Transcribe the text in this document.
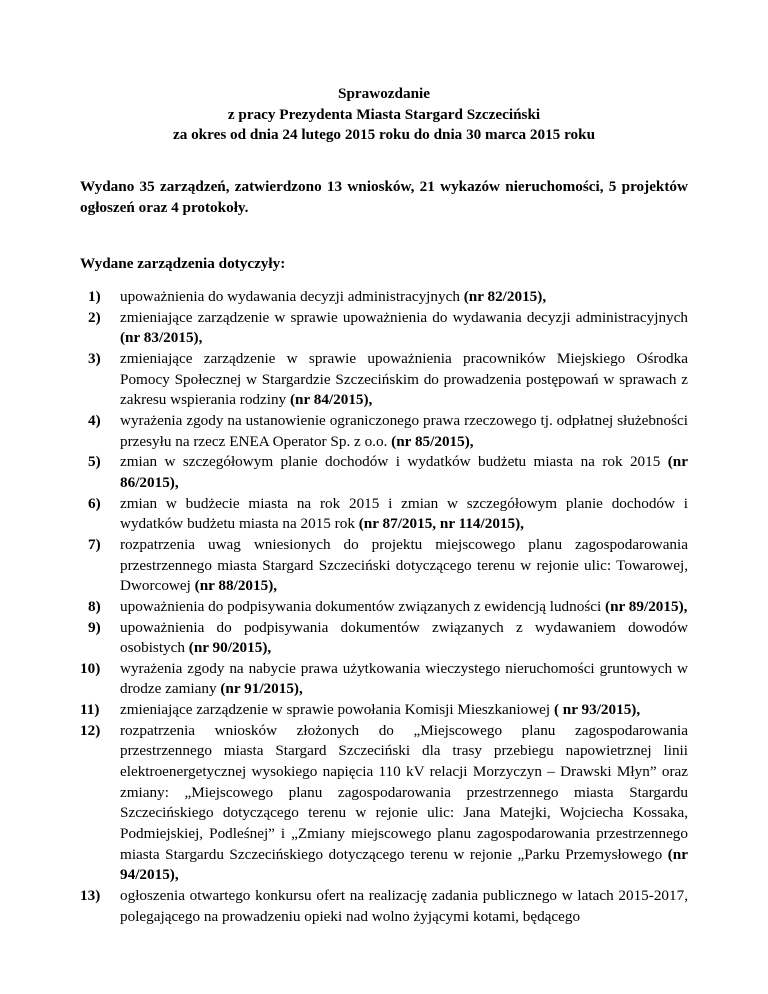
Sprawozdanie
z pracy Prezydenta Miasta Stargard Szczeciński
za okres od dnia 24 lutego 2015 roku do dnia 30 marca 2015 roku
Wydano 35 zarządzeń, zatwierdzono 13 wniosków, 21 wykazów nieruchomości, 5 projektów ogłoszeń oraz 4 protokoły.
Wydane zarządzenia dotyczyły:
1) upoważnienia do wydawania decyzji administracyjnych (nr 82/2015),
2) zmieniające zarządzenie w sprawie upoważnienia do wydawania decyzji administracyjnych (nr 83/2015),
3) zmieniające zarządzenie w sprawie upoważnienia pracowników Miejskiego Ośrodka Pomocy Społecznej w Stargardzie Szczecińskim do prowadzenia postępowań w sprawach z zakresu wspierania rodziny (nr 84/2015),
4) wyrażenia zgody na ustanowienie ograniczonego prawa rzeczowego tj. odpłatnej służebności przesyłu na rzecz ENEA Operator Sp. z o.o. (nr 85/2015),
5) zmian w szczegółowym planie dochodów i wydatków budżetu miasta na rok 2015 (nr 86/2015),
6) zmian w budżecie miasta na rok 2015 i zmian w szczegółowym planie dochodów i wydatków budżetu miasta na 2015 rok (nr 87/2015, nr 114/2015),
7) rozpatrzenia uwag wniesionych do projektu miejscowego planu zagospodarowania przestrzennego miasta Stargard Szczeciński dotyczącego terenu w rejonie ulic: Towarowej, Dworcowej (nr 88/2015),
8) upoważnienia do podpisywania dokumentów związanych z ewidencją ludności (nr 89/2015),
9) upoważnienia do podpisywania dokumentów związanych z wydawaniem dowodów osobistych (nr 90/2015),
10) wyrażenia zgody na nabycie prawa użytkowania wieczystego nieruchomości gruntowych w drodze zamiany (nr 91/2015),
11) zmieniające zarządzenie w sprawie powołania Komisji Mieszkaniowej ( nr 93/2015),
12) rozpatrzenia wniosków złożonych do „Miejscowego planu zagospodarowania przestrzennego miasta Stargard Szczeciński dla trasy przebiegu napowietrznej linii elektroenergetycznej wysokiego napięcia 110 kV relacji Morzyczyn – Drawski Młyn” oraz zmiany: „Miejscowego planu zagospodarowania przestrzennego miasta Stargardu Szczecińskiego dotyczącego terenu w rejonie ulic: Jana Matejki, Wojciecha Kossaka, Podmiejskiej, Podleśnej” i „Zmiany miejscowego planu zagospodarowania przestrzennego miasta Stargardu Szczecińskiego dotyczącego terenu w rejonie „Parku Przemysłowego (nr 94/2015),
13) ogłoszenia otwartego konkursu ofert na realizację zadania publicznego w latach 2015-2017, polegającego na prowadzeniu opieki nad wolno żyjącymi kotami, będącego
